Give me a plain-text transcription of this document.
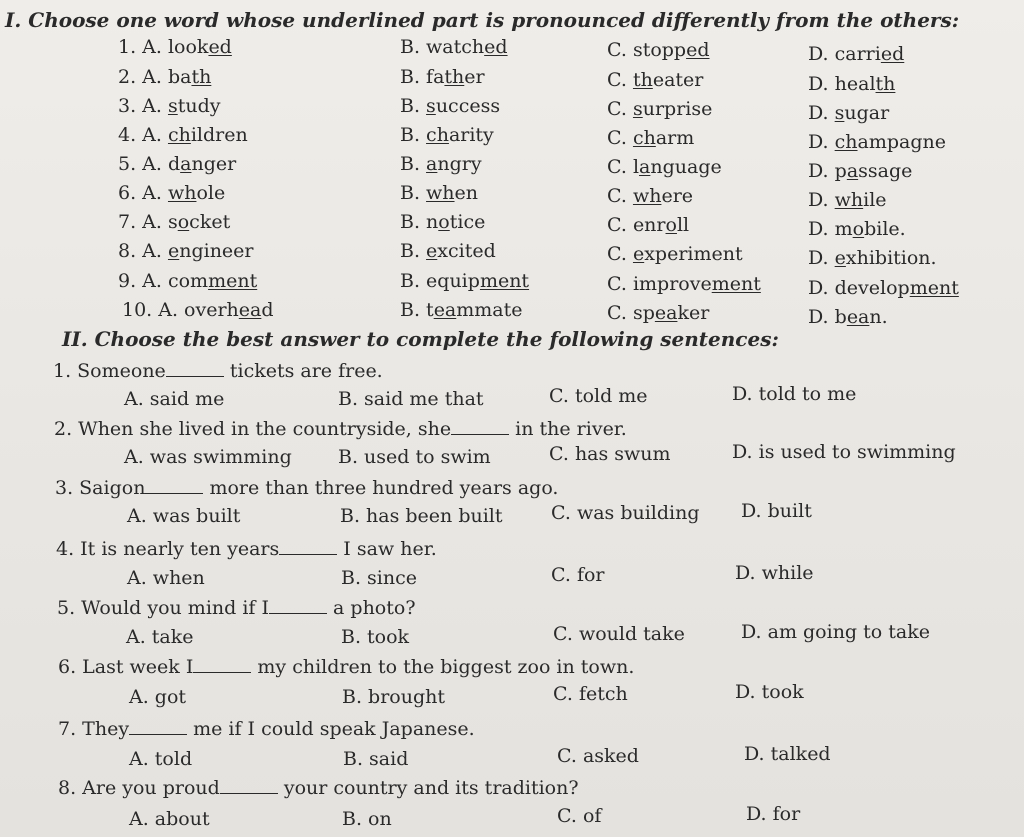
I. Choose one word whose underlined part is pronounced differently from the others:
1. A. looked	B. watched	C. stopped	D. carried
2. A. bath	B. father	C. theater	D. health
3. A. study	B. success	C. surprise	D. sugar
4. A. children	B. charity	C. charm	D. champagne
5. A. danger	B. angry	C. language	D. passage
6. A. whole	B. when	C. where	D. while
7. A. socket	B. notice	C. enroll	D. mobile.
8. A. engineer	B. excited	C. experiment	D. exhibition.
9. A. comment	B. equipment	C. improvement D. development
10. A. overhead	B. teammate	C. speaker	D. bean.
II. Choose the best answer to complete the following sentences:
1. Someone	tickets are free.
A. said me	B. said me that	C. told me	D. told to me
2. When she lived in the countryside, she	in the river.
A. was swimming B. used to swim	C. has swum	D. is used to swimming
3. Saigon	more than three hundred years ago.
A. was built	B. has been built	C. was building D. built
4. It is nearly ten years	I saw her.
A. when	B. since	C. for	D. while
5. Would you mind if I	a photo?
A. take	B. took	C. would take	D. am going to take
6. Last week I	my children to the biggest zoo in town.
A. got	B. brought	C. fetch	D. took
7. They	me if I could speak Japanese.
A. told	B. said	C. asked	D. talked
8. Are you proud	your country and its tradition?
A. about	B. on	C. of	D. for
